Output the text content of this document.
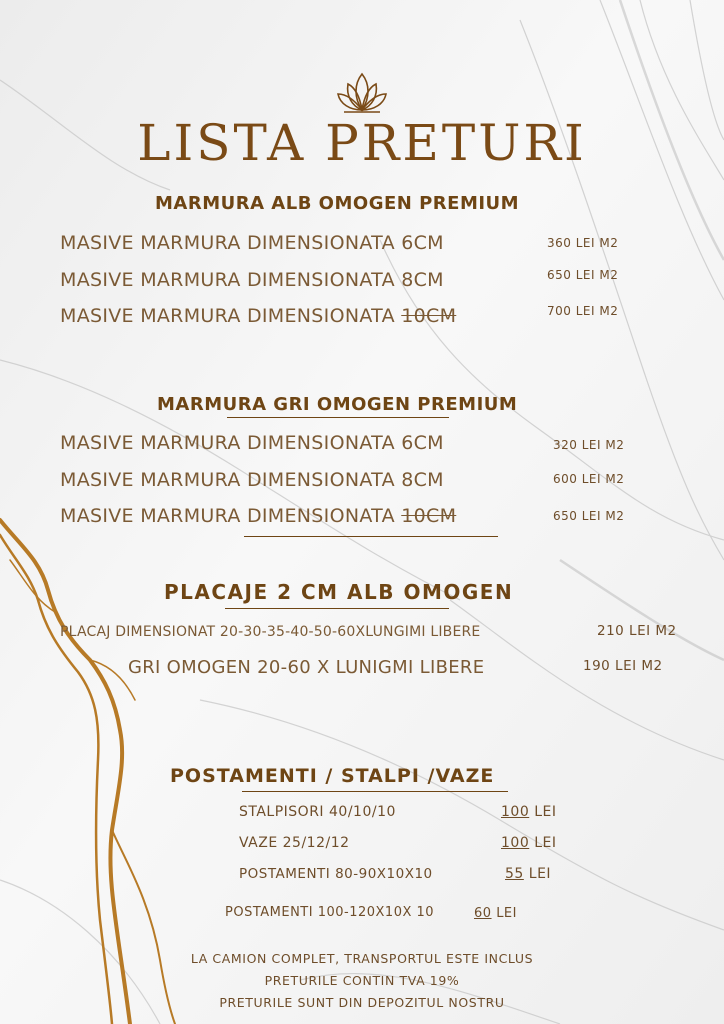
LISTA PRETURI
MARMURA ALB OMOGEN PREMIUM
MASIVE MARMURA DIMENSIONATA 6CM	360 LEI M2
MASIVE MARMURA DIMENSIONATA 8CM	650 LEI M2
MASIVE MARMURA DIMENSIONATA 10CM	700 LEI M2
MARMURA GRI OMOGEN PREMIUM
MASIVE MARMURA DIMENSIONATA 6CM	320 LEI M2
MASIVE MARMURA DIMENSIONATA 8CM	600 LEI M2
MASIVE MARMURA DIMENSIONATA 10CM	650 LEI M2
PLACAJE 2 CM ALB OMOGEN
PLACAJ DIMENSIONAT 20-30-35-40-50-60XLUNGIMI LIBERE	210 LEI M2
GRI OMOGEN 20-60 X LUNIGMI LIBERE	190 LEI M2
POSTAMENTI / STALPI /VAZE
STALPISORI 40/10/10	100 LEI
VAZE 25/12/12	100 LEI
POSTAMENTI 80-90X10X10	55 LEI
POSTAMENTI 100-120X10X 10	60 LEI
LA CAMION COMPLET, TRANSPORTUL ESTE INCLUS
PRETURILE CONTIN TVA 19%
PRETURILE SUNT DIN DEPOZITUL NOSTRU
